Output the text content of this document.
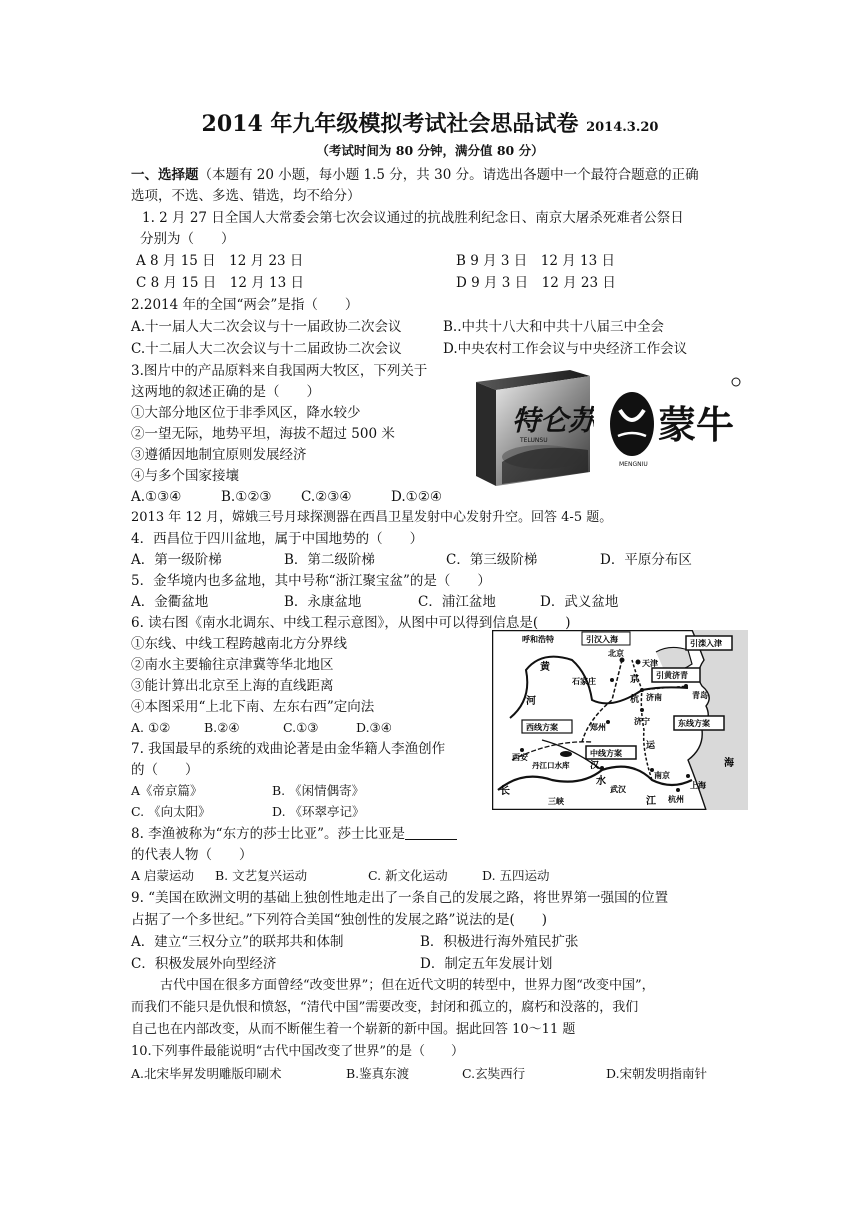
2014 年九年级模拟考试社会思品试卷 2014.3.20
（考试时间为 80 分钟，满分值 80 分）
一、选择题（本题有 20 小题，每小题 1.5 分，共 30 分。请选出各题中一个最符合题意的正确
选项，不选、多选、错选，均不给分）
1. 2 月 27 日全国人大常委会第七次会议通过的抗战胜利纪念日、南京大屠杀死难者公祭日
分别为（　　）
A 8 月 15 日　12 月 23 日	B 9 月 3 日　12 月 13 日
C 8 月 15 日　12 月 13 日	D 9 月 3 日　12 月 23 日
2.2014 年的全国“两会”是指（　　）
A.十一届人大二次会议与十一届政协二次会议	B..中共十八大和中共十八届三中全会
C.十二届人大二次会议与十二届政协二次会议	D.中央农村工作会议与中央经济工作会议
3.图片中的产品原料来自我国两大牧区，下列关于
这两地的叙述正确的是（　　）
①大部分地区位于非季风区，降水较少
②一望无际，地势平坦，海拔不超过 500 米
③遵循因地制宜原则发展经济
④与多个国家接壤
A.①③④	B.①②③ C.②③④	D.①②④
特仑苏
TELUNSU
MENGNIU
蒙牛
2013 年 12 月，嫦娥三号月球探测器在西昌卫星发射中心发射升空。回答 4-5 题。
4．西昌位于四川盆地，属于中国地势的（　　）
A．第一级阶梯	B．第二级阶梯	C．第三级阶梯	D．平原分布区
5．金华境内也多盆地，其中号称“浙江聚宝盆”的是（　　）
A．金衢盆地	B．永康盆地	C．浦江盆地	D．武义盆地
6. 读右图《南水北调东、中线工程示意图》，从图中可以得到信息是(　　)
①东线、中线工程跨越南北方分界线
②南水主要输往京津冀等华北地区
③能计算出北京至上海的直线距离
④本图采用“上北下南、左东右西”定向法
A. ①②	B.②④	C.①③	D.③④
呼和浩特
北京
天津
石家庄
济南	青岛
济宁
郑州
西安
武汉
南京
上海
杭州
丹江口水库
三峡
引汉入海	引滦入津
引黄济青
东线方案
中线方案
西线方案
黄
河
长
江
海
水
汉
运
杭
京
7. 我国最早的系统的戏曲论著是由金华籍人李渔创作
的（　　）
A《帝京篇》	B. 《闲情偶寄》
C. 《向太阳》	D. 《环翠亭记》
8. 李渔被称为“东方的莎士比亚”。莎士比亚是
的代表人物（　　）
A 启蒙运动 B. 文艺复兴运动	C. 新文化运动	D. 五四运动
9. “美国在欧洲文明的基础上独创性地走出了一条自己的发展之路，将世界第一强国的位置
占据了一个多世纪。”下列符合美国“独创性的发展之路”说法的是(　　)
A．建立“三权分立”的联邦共和体制	B．积极进行海外殖民扩张
C．积极发展外向型经济	D．制定五年发展计划
古代中国在很多方面曾经“改变世界”；但在近代文明的转型中，世界力图“改变中国”，
而我们不能只是仇恨和愤怒，“清代中国”需要改变，封闭和孤立的，腐朽和没落的，我们
自己也在内部改变，从而不断催生着一个崭新的新中国。据此回答 10～11 题
10.下列事件最能说明“古代中国改变了世界”的是（　　）
A.北宋毕昇发明雕版印刷术	B.鉴真东渡	C.玄奘西行	D.宋朝发明指南针
